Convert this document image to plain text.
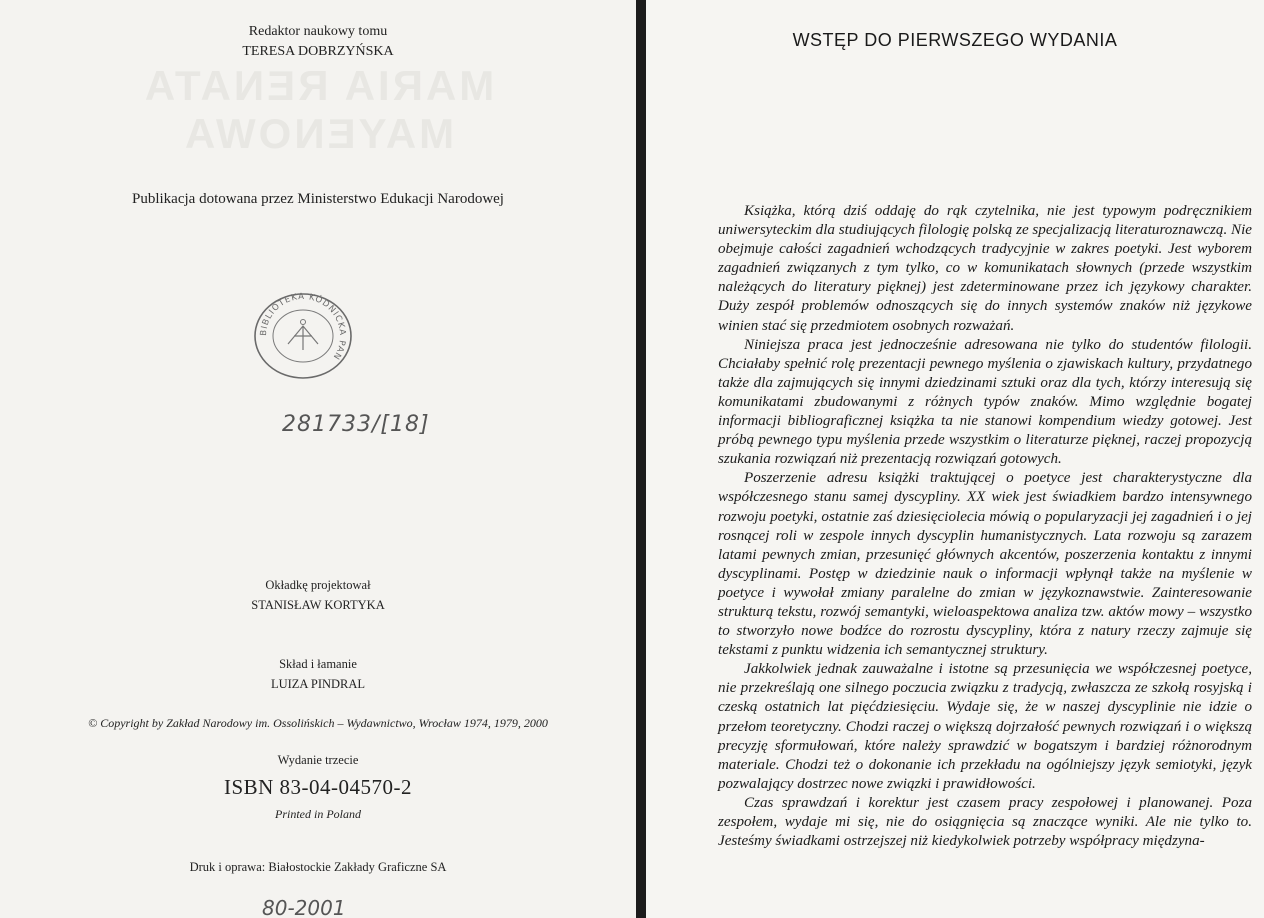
MARIA RENATA MAYENOWA
Redaktor naukowy tomu
TERESA DOBRZYŃSKA
Publikacja dotowana przez Ministerstwo Edukacji Narodowej
BIBLIOTEKA KÓDNICKA PAN
281733/[18]
Okładkę projektował
STANISŁAW KORTYKA
Skład i łamanie
LUIZA PINDRAL
© Copyright by Zakład Narodowy im. Ossolińskich – Wydawnictwo, Wrocław 1974, 1979, 2000
Wydanie trzecie
ISBN 83-04-04570-2
Printed in Poland
Druk i oprawa: Białostockie Zakłady Graficzne SA
80-2001
WSTĘP DO PIERWSZEGO WYDANIA

Książka, którą dziś oddaję do rąk czytelnika, nie jest typowym podręcznikiem uniwersyteckim dla studiujących filologię polską ze specjalizacją literaturoznawczą. Nie obejmuje całości zagadnień wchodzących tradycyjnie w zakres poetyki. Jest wyborem zagadnień związanych z tym tylko, co w komunikatach słownych (przede wszystkim należących do literatury pięknej) jest zdeterminowane przez ich językowy charakter. Duży zespół problemów odnoszących się do innych systemów znaków niż językowe winien stać się przedmiotem osobnych rozważań.

Niniejsza praca jest jednocześnie adresowana nie tylko do studentów filologii. Chciałaby spełnić rolę prezentacji pewnego myślenia o zjawiskach kultury, przydatnego także dla zajmujących się innymi dziedzinami sztuki oraz dla tych, którzy interesują się komunikatami zbudowanymi z różnych typów znaków. Mimo względnie bogatej informacji bibliograficznej książka ta nie stanowi kompendium wiedzy gotowej. Jest próbą pewnego typu myślenia przede wszystkim o literaturze pięknej, raczej propozycją szukania rozwiązań niż prezentacją rozwiązań gotowych.

Poszerzenie adresu książki traktującej o poetyce jest charakterystyczne dla współczesnego stanu samej dyscypliny. XX wiek jest świadkiem bardzo intensywnego rozwoju poetyki, ostatnie zaś dziesięciolecia mówią o popularyzacji jej zagadnień i o jej rosnącej roli w zespole innych dyscyplin humanistycznych. Lata rozwoju są zarazem latami pewnych zmian, przesunięć głównych akcentów, poszerzenia kontaktu z innymi dyscyplinami. Postęp w dziedzinie nauk o informacji wpłynął także na myślenie w poetyce i wywołał zmiany paralelne do zmian w językoznawstwie. Zainteresowanie strukturą tekstu, rozwój semantyki, wieloaspektowa analiza tzw. aktów mowy – wszystko to stworzyło nowe bodźce do rozrostu dyscypliny, która z natury rzeczy zajmuje się tekstami z punktu widzenia ich semantycznej struktury.

Jakkolwiek jednak zauważalne i istotne są przesunięcia we współczesnej poetyce, nie przekreślają one silnego poczucia związku z tradycją, zwłaszcza ze szkołą rosyjską i czeską ostatnich lat pięćdziesięciu. Wydaje się, że w naszej dyscyplinie nie idzie o przełom teoretyczny. Chodzi raczej o większą dojrzałość pewnych rozwiązań i o większą precyzję sformułowań, które należy sprawdzić w bogatszym i bardziej różnorodnym materiale. Chodzi też o dokonanie ich przekładu na ogólniejszy język semiotyki, język pozwalający dostrzec nowe związki i prawidłowości.

Czas sprawdzań i korektur jest czasem pracy zespołowej i planowanej. Poza zespołem, wydaje mi się, nie do osiągnięcia są znaczące wyniki. Ale nie tylko to. Jesteśmy świadkami ostrzejszej niż kiedykolwiek potrzeby współpracy międzyna-
